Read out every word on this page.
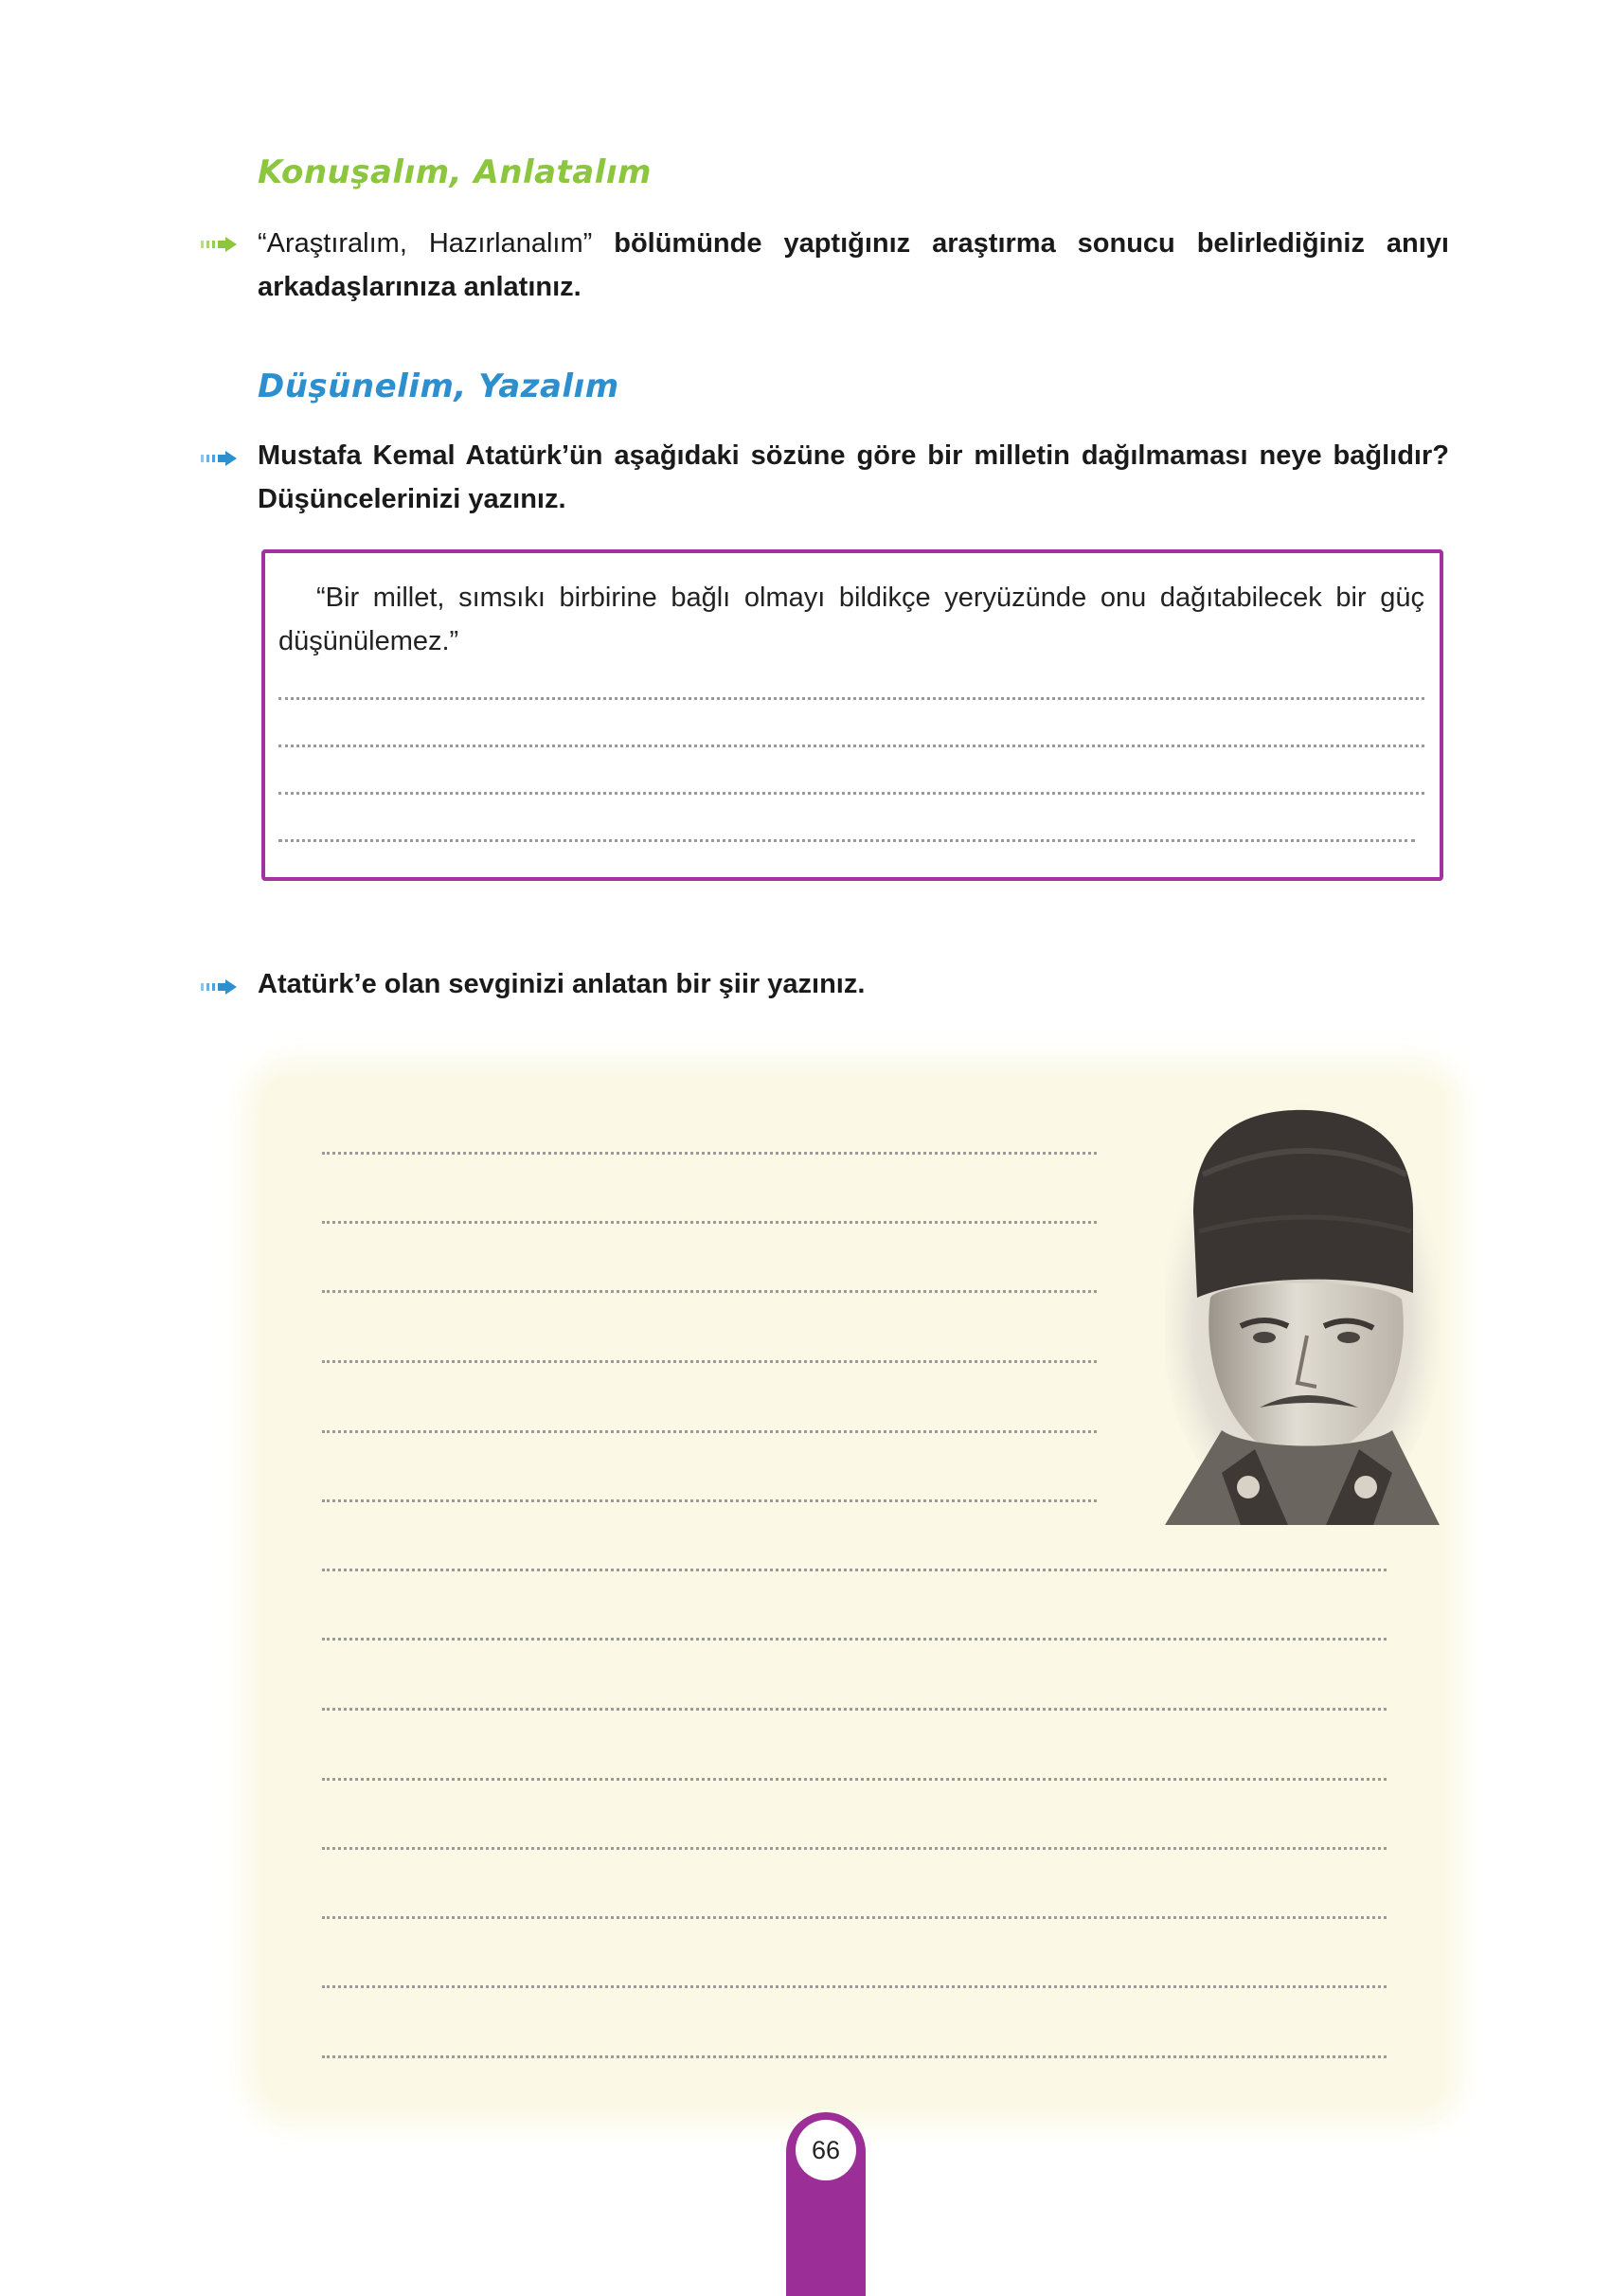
Konuşalım, Anlatalım

“Araştıralım, Hazırlanalım” bölümünde yaptığınız araştırma sonucu belirlediğiniz anıyı arkadaşlarınıza anlatınız.

Düşünelim, Yazalım

Mustafa Kemal Atatürk’ün aşağıdaki sözüne göre bir milletin dağılmaması neye bağlıdır? Düşüncelerinizi yazınız.

“Bir millet, sımsıkı birbirine bağlı olmayı bildikçe yeryüzünde onu dağıtabilecek bir güç düşünülemez.”

Atatürk’e olan sevginizi anlatan bir şiir yazınız.

66
